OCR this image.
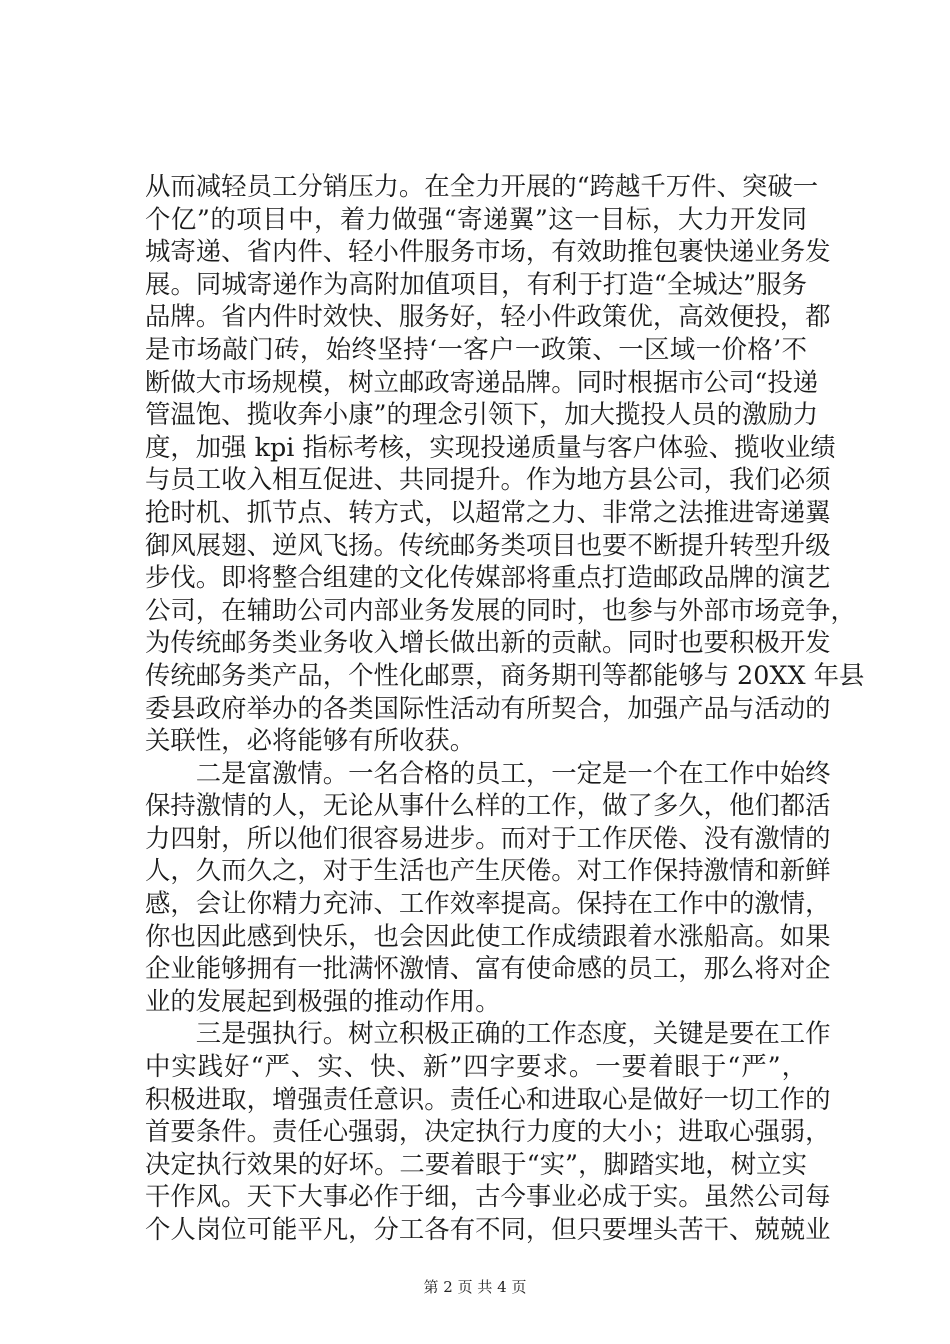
从而减轻员工分销压力。在全力开展的“跨越千万件、突破一
个亿”的项目中，着力做强“寄递翼”这一目标，大力开发同
城寄递、省内件、轻小件服务市场，有效助推包裹快递业务发
展。同城寄递作为高附加值项目，有利于打造“全城达”服务
品牌。省内件时效快、服务好，轻小件政策优，高效便投，都
是市场敲门砖，始终坚持‘一客户一政策、一区域一价格’不
断做大市场规模，树立邮政寄递品牌。同时根据市公司“投递
管温饱、揽收奔小康”的理念引领下，加大揽投人员的激励力
度，加强 kpi 指标考核，实现投递质量与客户体验、揽收业绩
与员工收入相互促进、共同提升。作为地方县公司，我们必须
抢时机、抓节点、转方式，以超常之力、非常之法推进寄递翼
御风展翅、逆风飞扬。传统邮务类项目也要不断提升转型升级
步伐。即将整合组建的文化传媒部将重点打造邮政品牌的演艺
公司，在辅助公司内部业务发展的同时，也参与外部市场竞争，
为传统邮务类业务收入增长做出新的贡献。同时也要积极开发
传统邮务类产品，个性化邮票，商务期刊等都能够与 20XX 年县
委县政府举办的各类国际性活动有所契合，加强产品与活动的
关联性，必将能够有所收获。
　　二是富激情。一名合格的员工，一定是一个在工作中始终
保持激情的人，无论从事什么样的工作，做了多久，他们都活
力四射，所以他们很容易进步。而对于工作厌倦、没有激情的
人，久而久之，对于生活也产生厌倦。对工作保持激情和新鲜
感，会让你精力充沛、工作效率提高。保持在工作中的激情，
你也因此感到快乐，也会因此使工作成绩跟着水涨船高。如果
企业能够拥有一批满怀激情、富有使命感的员工，那么将对企
业的发展起到极强的推动作用。
　　三是强执行。树立积极正确的工作态度，关键是要在工作
中实践好“严、实、快、新”四字要求。一要着眼于“严”，
积极进取，增强责任意识。责任心和进取心是做好一切工作的
首要条件。责任心强弱，决定执行力度的大小；进取心强弱，
决定执行效果的好坏。二要着眼于“实”，脚踏实地，树立实
干作风。天下大事必作于细，古今事业必成于实。虽然公司每
个人岗位可能平凡，分工各有不同，但只要埋头苦干、兢兢业
第 2 页 共 4 页
